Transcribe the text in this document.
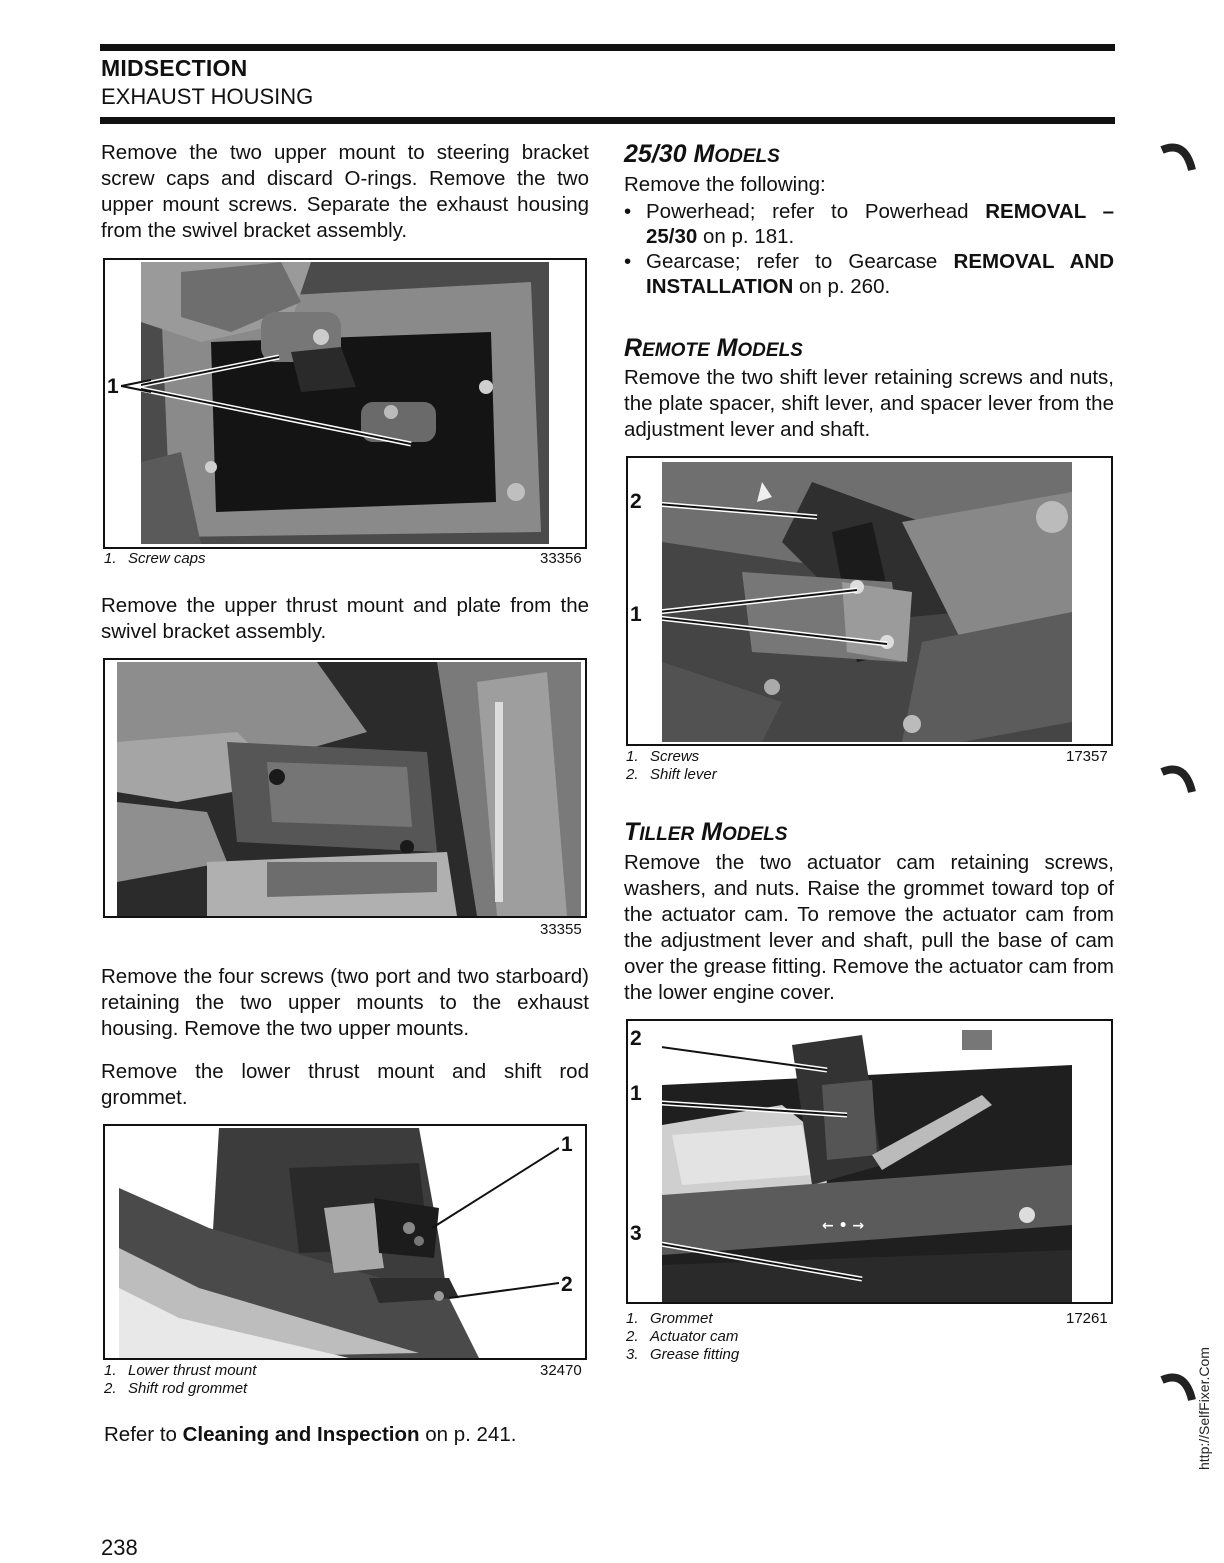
MIDSECTION
EXHAUST HOUSING

Remove the two upper mount to steering bracket screw caps and discard O-rings. Remove the two upper mount screws. Separate the exhaust housing from the swivel bracket assembly.

1
1. Screw caps	33356

Remove the upper thrust mount and plate from the swivel bracket assembly.

33355

Remove the four screws (two port and two starboard) retaining the two upper mounts to the exhaust housing. Remove the two upper mounts.

Remove the lower thrust mount and shift rod grommet.

1
2
1. Lower thrust mount
2. Shift rod grommet
32470

Refer to Cleaning and Inspection on p. 241.

25/30 MODELS

Remove the following:

• Powerhead; refer to Powerhead REMOVAL – 25/30 on p. 181.
• Gearcase; refer to Gearcase REMOVAL AND INSTALLATION on p. 260.
REMOTE MODELS

Remove the two shift lever retaining screws and nuts, the plate spacer, shift lever, and spacer lever from the adjustment lever and shaft.

2
1
1. Screws
2. Shift lever
17357
TILLER MODELS

Remove the two actuator cam retaining screws, washers, and nuts. Raise the grommet toward top of the actuator cam. To remove the actuator cam from the adjustment lever and shaft, pull the base of cam over the grease fitting. Remove the actuator cam from the lower engine cover.

← • →
2
1
3
1. Grommet
2. Actuator cam
3. Grease fitting
17261
238
http://SelfFixer.Com
